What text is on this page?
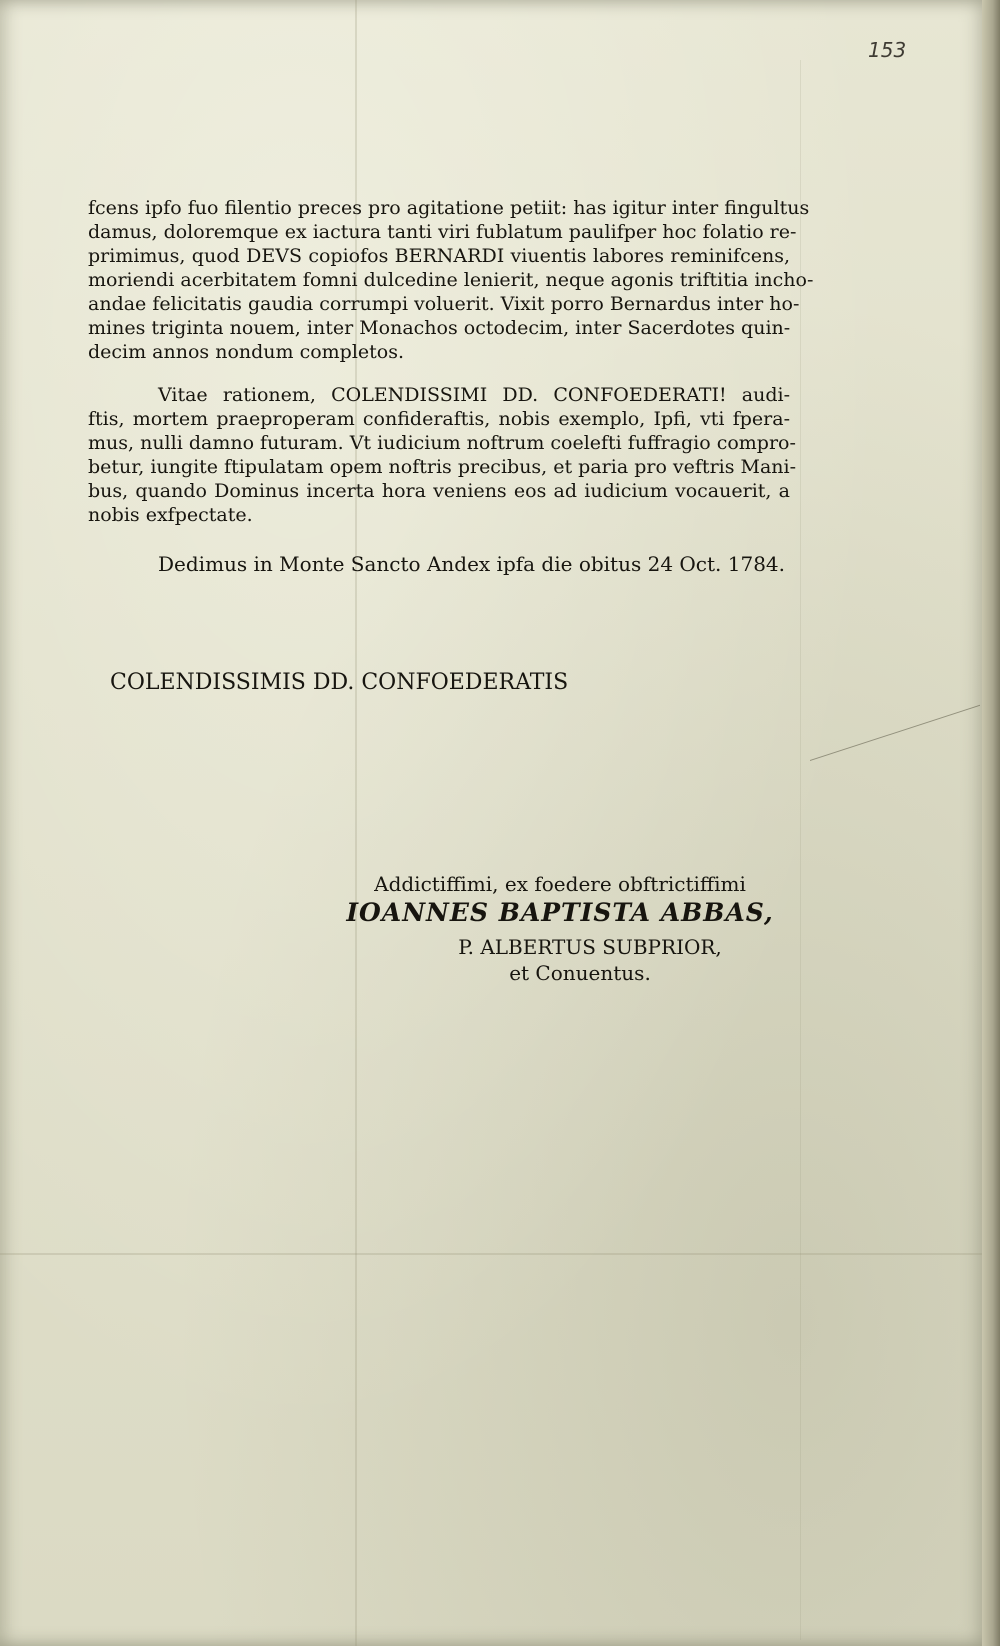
153
fcens ipfo fuo filentio preces pro agitatione petiit: has igitur inter fingultus
damus, doloremque ex iactura tanti viri fublatum paulifper hoc folatio re-
primimus, quod DEVS copiofos BERNARDI viuentis labores reminifcens,
moriendi acerbitatem fomni dulcedine lenierit, neque agonis triftitia incho-
andae felicitatis gaudia corrumpi voluerit. Vixit porro Bernardus inter ho-
mines triginta nouem, inter Monachos octodecim, inter Sacerdotes quin-
decim annos nondum completos.
Vitae rationem, COLENDISSIMI DD. CONFOEDERATI! audi-
ftis, mortem praeproperam confideraftis, nobis exemplo, Ipfi, vti fpera-
mus, nulli damno futuram. Vt iudicium noftrum coelefti fuffragio compro-
betur, iungite ftipulatam opem noftris precibus, et paria pro veftris Mani-
bus, quando Dominus incerta hora veniens eos ad iudicium vocauerit, a
nobis exfpectate.
Dedimus in Monte Sancto Andex ipfa die obitus 24 Oct. 1784.
COLENDISSIMIS DD. CONFOEDERATIS
Addictiffimi, ex foedere obftrictiffimi
IOANNES BAPTISTA ABBAS,
P. ALBERTUS SUBPRIOR,
et Conuentus.
